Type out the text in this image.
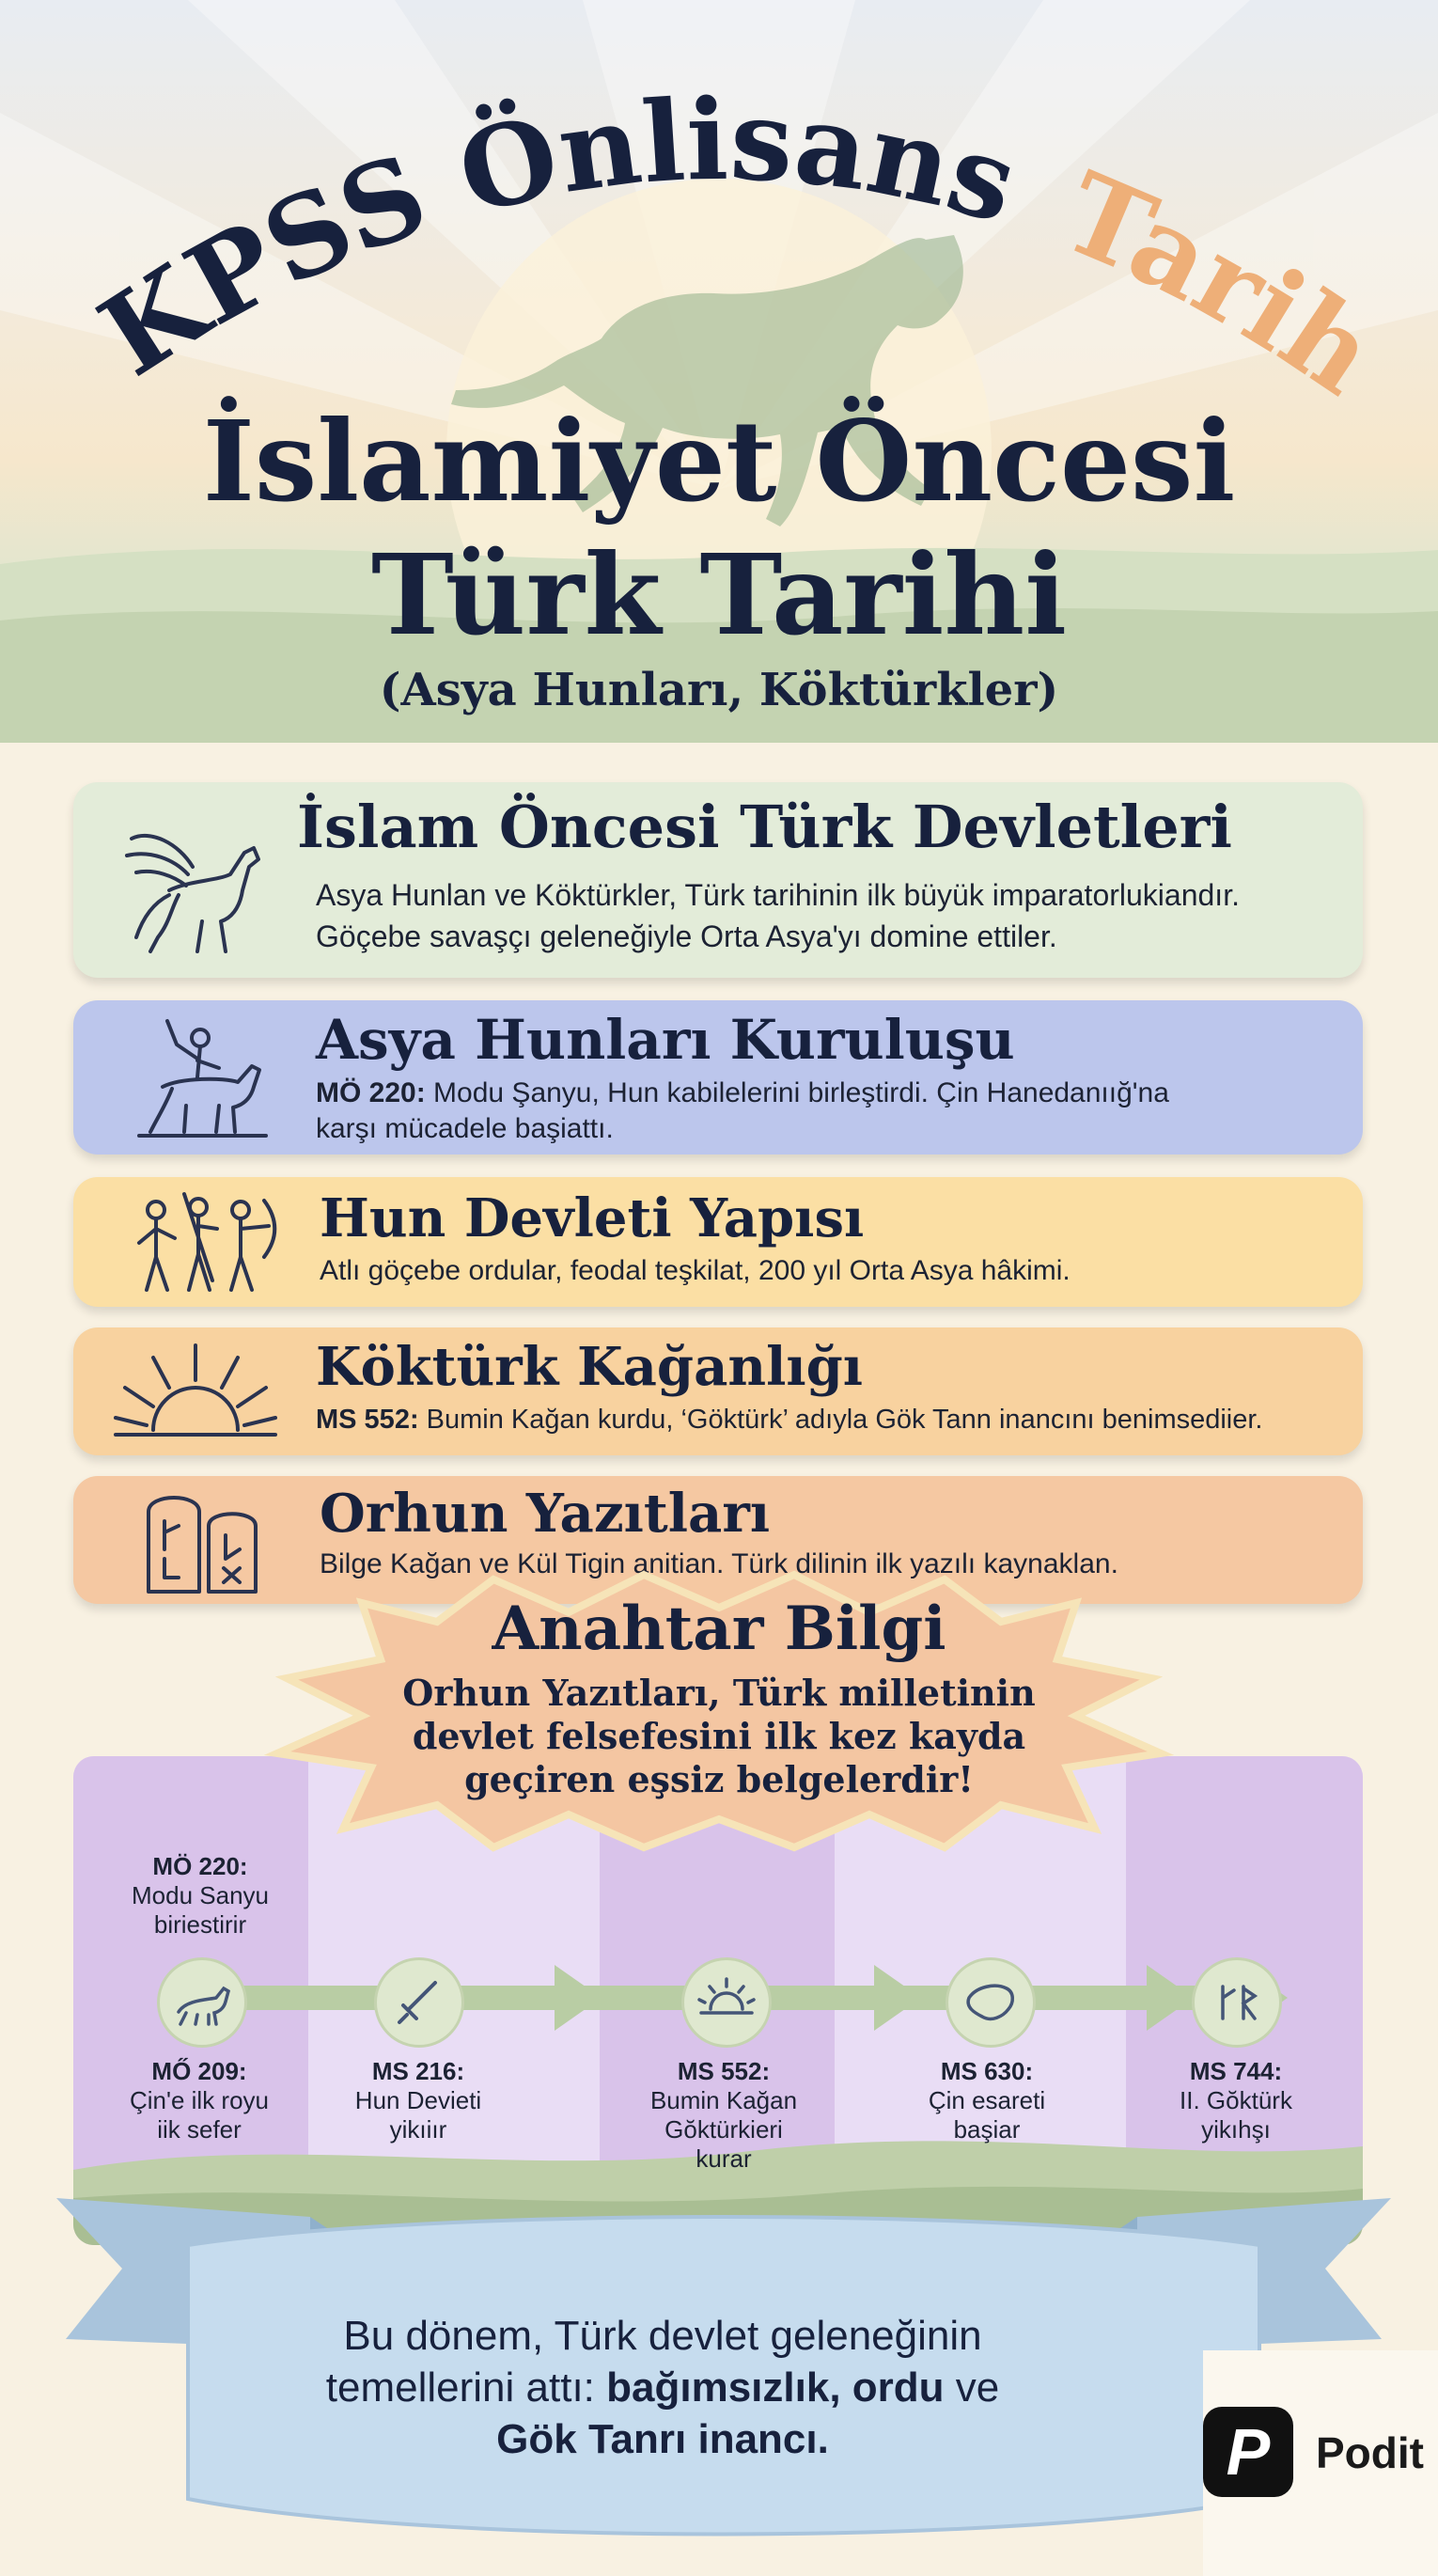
KPSS Önlisans Tarih
İslamiyet Öncesi
Türk Tarihi
(Asya Hunları, Köktürkler)
İslam Öncesi Türk Devletleri
Asya Hunlan ve Köktürkler, Türk tarihinin ilk büyük imparatorlukiandır.
Göçebe savaşçı geleneğiyle Orta Asya'yı domine ettiler.
Asya Hunları Kuruluşu
MÖ 220: Modu Şanyu, Hun kabilelerini birleştirdi. Çin Hanedanıığ'na
karşı mücadele başiattı.
Hun Devleti Yapısı
Atlı göçebe ordular, feodal teşkilat, 200 yıl Orta Asya hâkimi.
Köktürk Kağanlığı
MS 552: Bumin Kağan kurdu, ‘Göktürk’ adıyla Gök Tann inancını benimsediier.
Orhun Yazıtları
Bilge Kağan ve Kül Tigin anitian. Türk dilinin ilk yazılı kaynaklan.
MÖ 220:
Modu Sanyu
biriestirir
MŐ 209:
Çin'e ilk royu
iik sefer
MS 216:
Hun Devieti
yikıiır
MS 552:
Bumin Kağan
Gŏktürkieri
kurar
MS 630:
Çin esareti
başiar
MS 744:
II. Gŏktürk
yikıhşı
Anahtar Bilgi
Orhun Yazıtları, Türk milletinin
devlet felsefesini ilk kez kayda
geçiren eşsiz belgelerdir!
Bu dönem, Türk devlet geleneğinin
temellerini attı: bağımsızlık, ordu ve
Gök Tanrı inancı.	P	Podit
